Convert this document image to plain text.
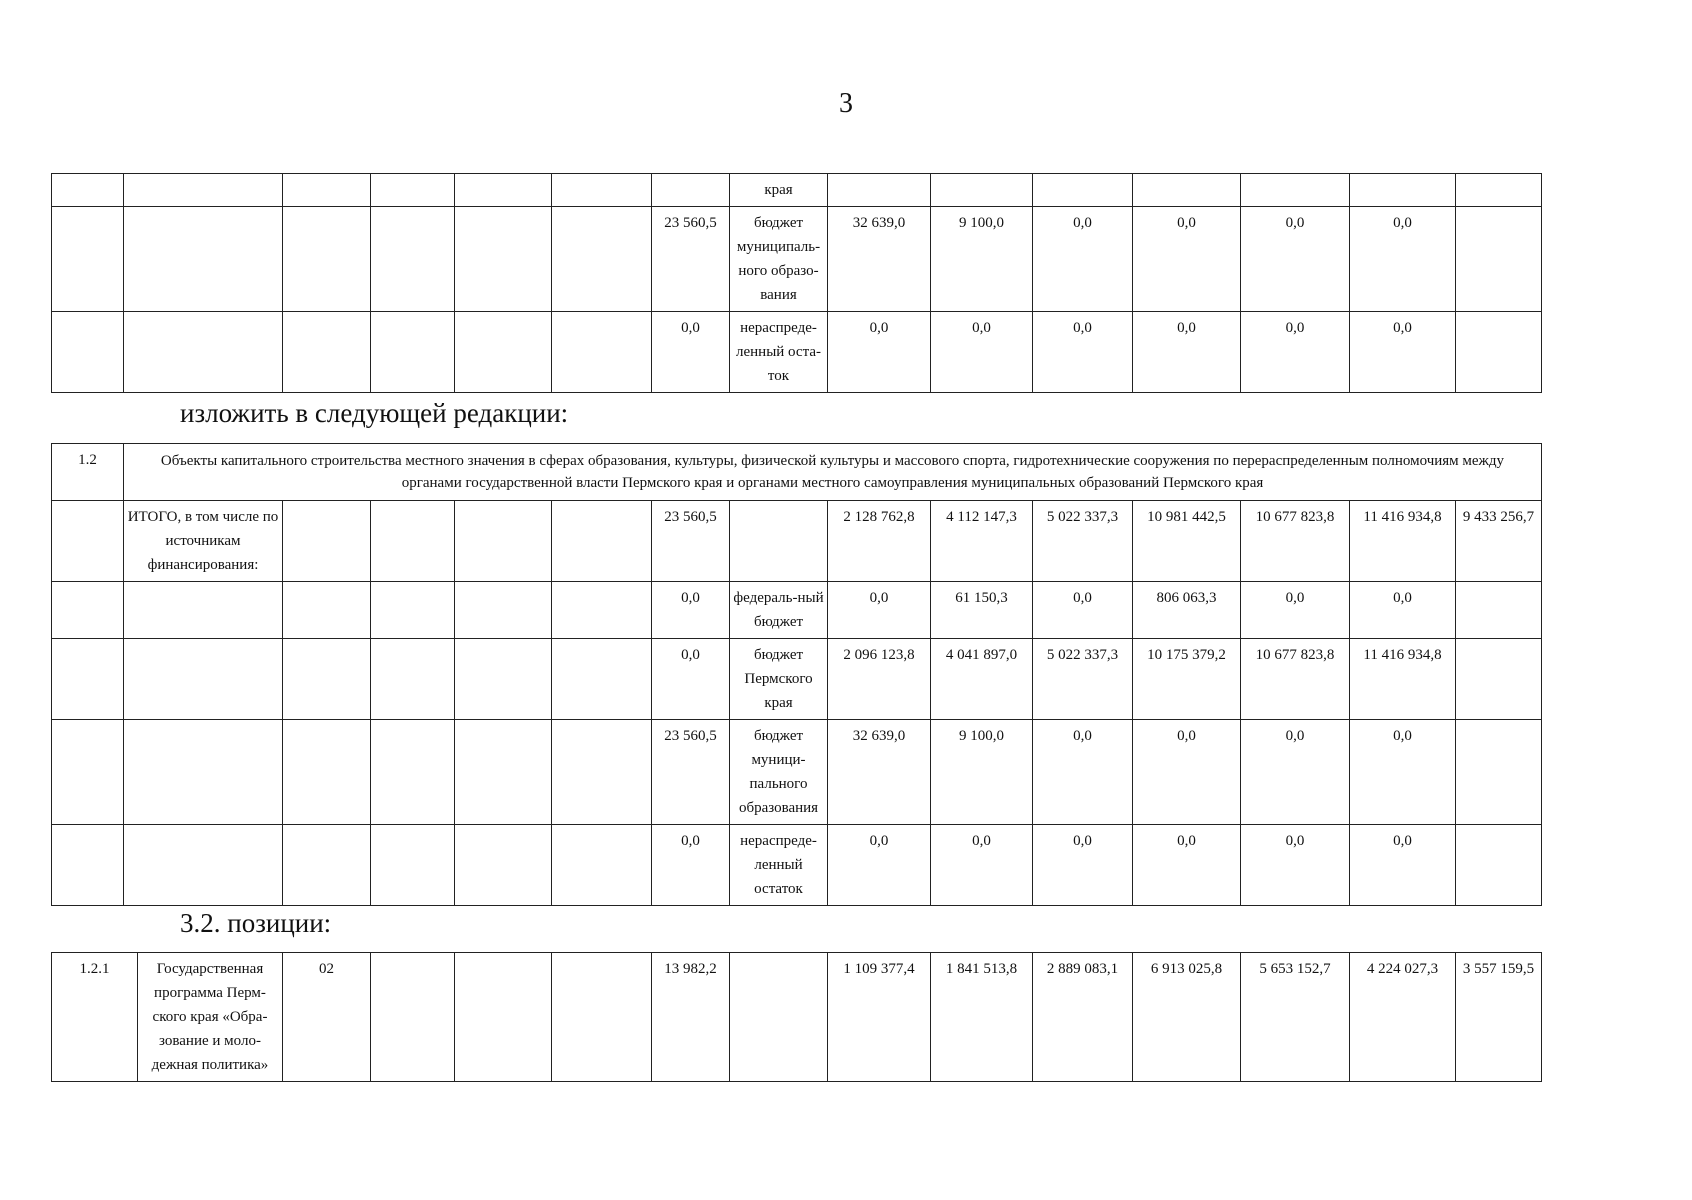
3
							края							
						23 560,5	бюджет муниципаль-ного образо-вания	32 639,0	9 100,0	0,0	0,0	0,0	0,0	
						0,0	нераспреде-ленный оста-ток	0,0	0,0	0,0	0,0	0,0	0,0	
изложить в следующей редакции:
1.2	Объекты капитального строительства местного значения в сферах образования, культуры, физической культуры и массового спорта, гидротехнические сооружения по перераспределенным полномочиям между органами государственной власти Пермского края и органами местного самоуправления муниципальных образований Пермского края													
	ИТОГО, в том числе по источникам финансирования:					23 560,5		2 128 762,8	4 112 147,3	5 022 337,3	10 981 442,5	10 677 823,8	11 416 934,8	9 433 256,7
						0,0	федераль-ный бюджет	0,0	61 150,3	0,0	806 063,3	0,0	0,0	
						0,0	бюджет Пермского края	2 096 123,8	4 041 897,0	5 022 337,3	10 175 379,2	10 677 823,8	11 416 934,8	
						23 560,5	бюджет муници-пального образования	32 639,0	9 100,0	0,0	0,0	0,0	0,0	
						0,0	нераспреде-ленный остаток	0,0	0,0	0,0	0,0	0,0	0,0	
3.2. позиции:
1.2.1	Государственная программа Перм-ского края «Обра-зование и моло-дежная политика»	02				13 982,2		1 109 377,4	1 841 513,8	2 889 083,1	6 913 025,8	5 653 152,7	4 224 027,3	3 557 159,5
